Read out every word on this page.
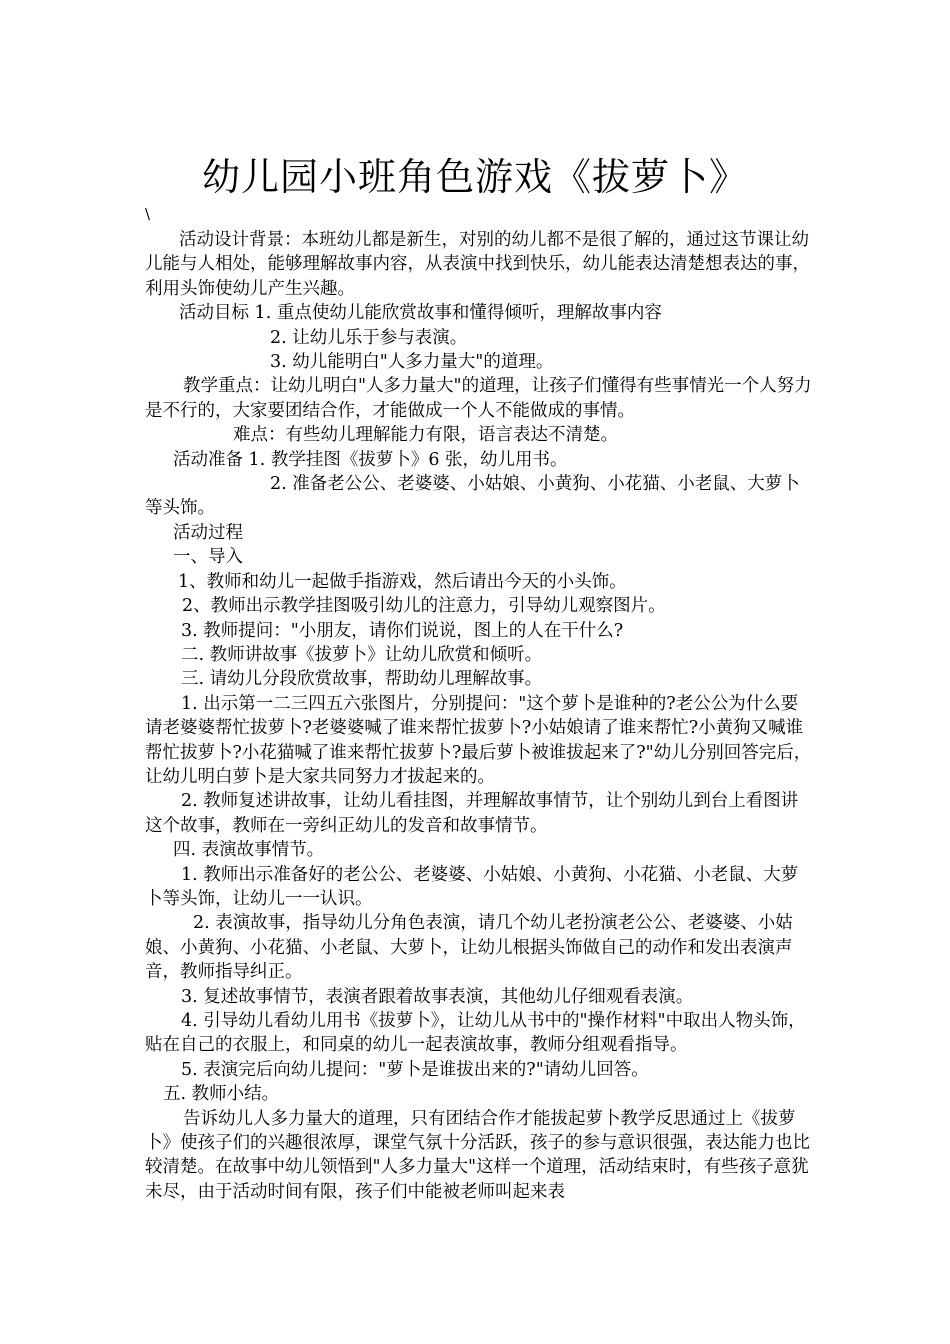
幼儿园小班角色游戏《拔萝卜》
\

活动设计背景：本班幼儿都是新生，对别的幼儿都不是很了解的，通过这节课让幼儿能与人相处，能够理解故事内容，从表演中找到快乐，幼儿能表达清楚想表达的事，利用头饰使幼儿产生兴趣。

活动目标 1. 重点使幼儿能欣赏故事和懂得倾听，理解故事内容

2. 让幼儿乐于参与表演。

3. 幼儿能明白"人多力量大"的道理。

教学重点：让幼儿明白"人多力量大"的道理，让孩子们懂得有些事情光一个人努力是不行的，大家要团结合作，才能做成一个人不能做成的事情。

难点：有些幼儿理解能力有限，语言表达不清楚。

活动准备 1. 教学挂图《拔萝卜》6 张，幼儿用书。

2. 准备老公公、老婆婆、小姑娘、小黄狗、小花猫、小老鼠、大萝卜等头饰。

活动过程

一、导入

1、教师和幼儿一起做手指游戏，然后请出今天的小头饰。

2、教师出示教学挂图吸引幼儿的注意力，引导幼儿观察图片。

3. 教师提问："小朋友，请你们说说，图上的人在干什么?

二. 教师讲故事《拔萝卜》让幼儿欣赏和倾听。

三. 请幼儿分段欣赏故事，帮助幼儿理解故事。

1. 出示第一二三四五六张图片，分别提问："这个萝卜是谁种的?老公公为什么要请老婆婆帮忙拔萝卜?老婆婆喊了谁来帮忙拔萝卜?小姑娘请了谁来帮忙?小黄狗又喊谁帮忙拔萝卜?小花猫喊了谁来帮忙拔萝卜?最后萝卜被谁拔起来了?"幼儿分别回答完后，让幼儿明白萝卜是大家共同努力才拔起来的。

2. 教师复述讲故事，让幼儿看挂图，并理解故事情节，让个别幼儿到台上看图讲这个故事，教师在一旁纠正幼儿的发音和故事情节。

四. 表演故事情节。

1. 教师出示准备好的老公公、老婆婆、小姑娘、小黄狗、小花猫、小老鼠、大萝卜等头饰，让幼儿一一认识。

2. 表演故事，指导幼儿分角色表演，请几个幼儿老扮演老公公、老婆婆、小姑娘、小黄狗、小花猫、小老鼠、大萝卜，让幼儿根据头饰做自己的动作和发出表演声音，教师指导纠正。

3. 复述故事情节，表演者跟着故事表演，其他幼儿仔细观看表演。

4. 引导幼儿看幼儿用书《拔萝卜》，让幼儿从书中的"操作材料"中取出人物头饰，贴在自己的衣服上，和同桌的幼儿一起表演故事，教师分组观看指导。

5. 表演完后向幼儿提问："萝卜是谁拔出来的?"请幼儿回答。

五. 教师小结。

告诉幼儿人多力量大的道理，只有团结合作才能拔起萝卜教学反思通过上《拔萝卜》使孩子们的兴趣很浓厚，课堂气氛十分活跃，孩子的参与意识很强，表达能力也比较清楚。在故事中幼儿领悟到"人多力量大"这样一个道理，活动结束时，有些孩子意犹未尽，由于活动时间有限，孩子们中能被老师叫起来表
